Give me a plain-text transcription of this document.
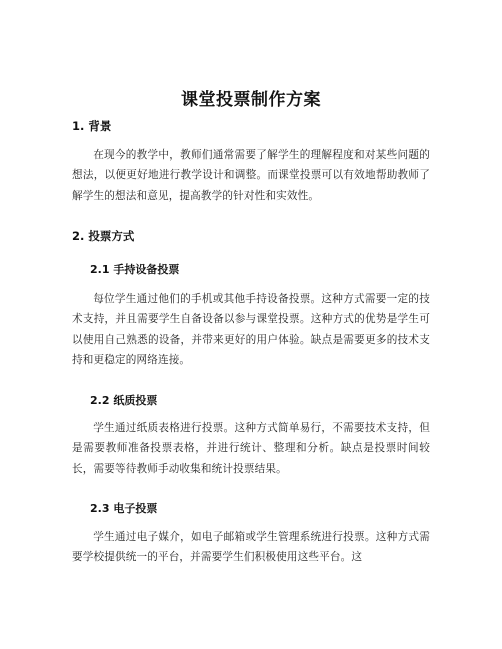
课堂投票制作方案
1. 背景
在现今的教学中，教师们通常需要了解学生的理解程度和对某些问题的想法，以便更好地进行教学设计和调整。而课堂投票可以有效地帮助教师了解学生的想法和意见，提高教学的针对性和实效性。
2. 投票方式
2.1 手持设备投票
每位学生通过他们的手机或其他手持设备投票。这种方式需要一定的技术支持，并且需要学生自备设备以参与课堂投票。这种方式的优势是学生可以使用自己熟悉的设备，并带来更好的用户体验。缺点是需要更多的技术支持和更稳定的网络连接。
2.2 纸质投票
学生通过纸质表格进行投票。这种方式简单易行，不需要技术支持，但是需要教师准备投票表格，并进行统计、整理和分析。缺点是投票时间较长，需要等待教师手动收集和统计投票结果。
2.3 电子投票
学生通过电子媒介，如电子邮箱或学生管理系统进行投票。这种方式需要学校提供统一的平台，并需要学生们积极使用这些平台。这
